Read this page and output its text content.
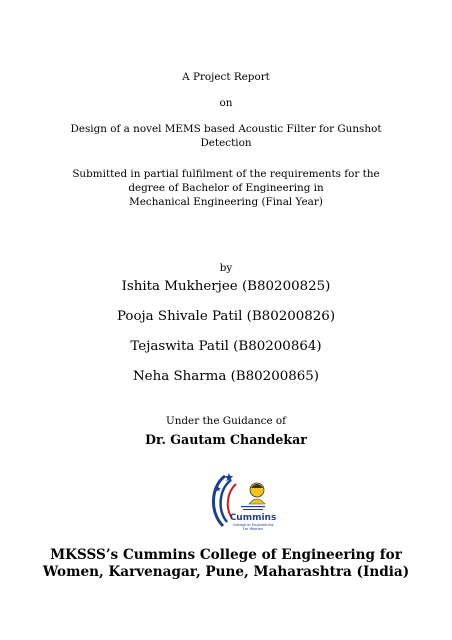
A Project Report
on
Design of a novel MEMS based Acoustic Filter for Gunshot
Detection
Submitted in partial fulfilment of the requirements for the
degree of Bachelor of Engineering in
Mechanical Engineering (Final Year)
by
Ishita Mukherjee (B80200825)
Pooja Shivale Patil (B80200826)
Tejaswita Patil (B80200864)
Neha Sharma (B80200865)
Under the Guidance of
Dr. Gautam Chandekar
Cummins
College of Engineering
For Women
MKSSS’s Cummins College of Engineering for
Women, Karvenagar, Pune, Maharashtra (India)
